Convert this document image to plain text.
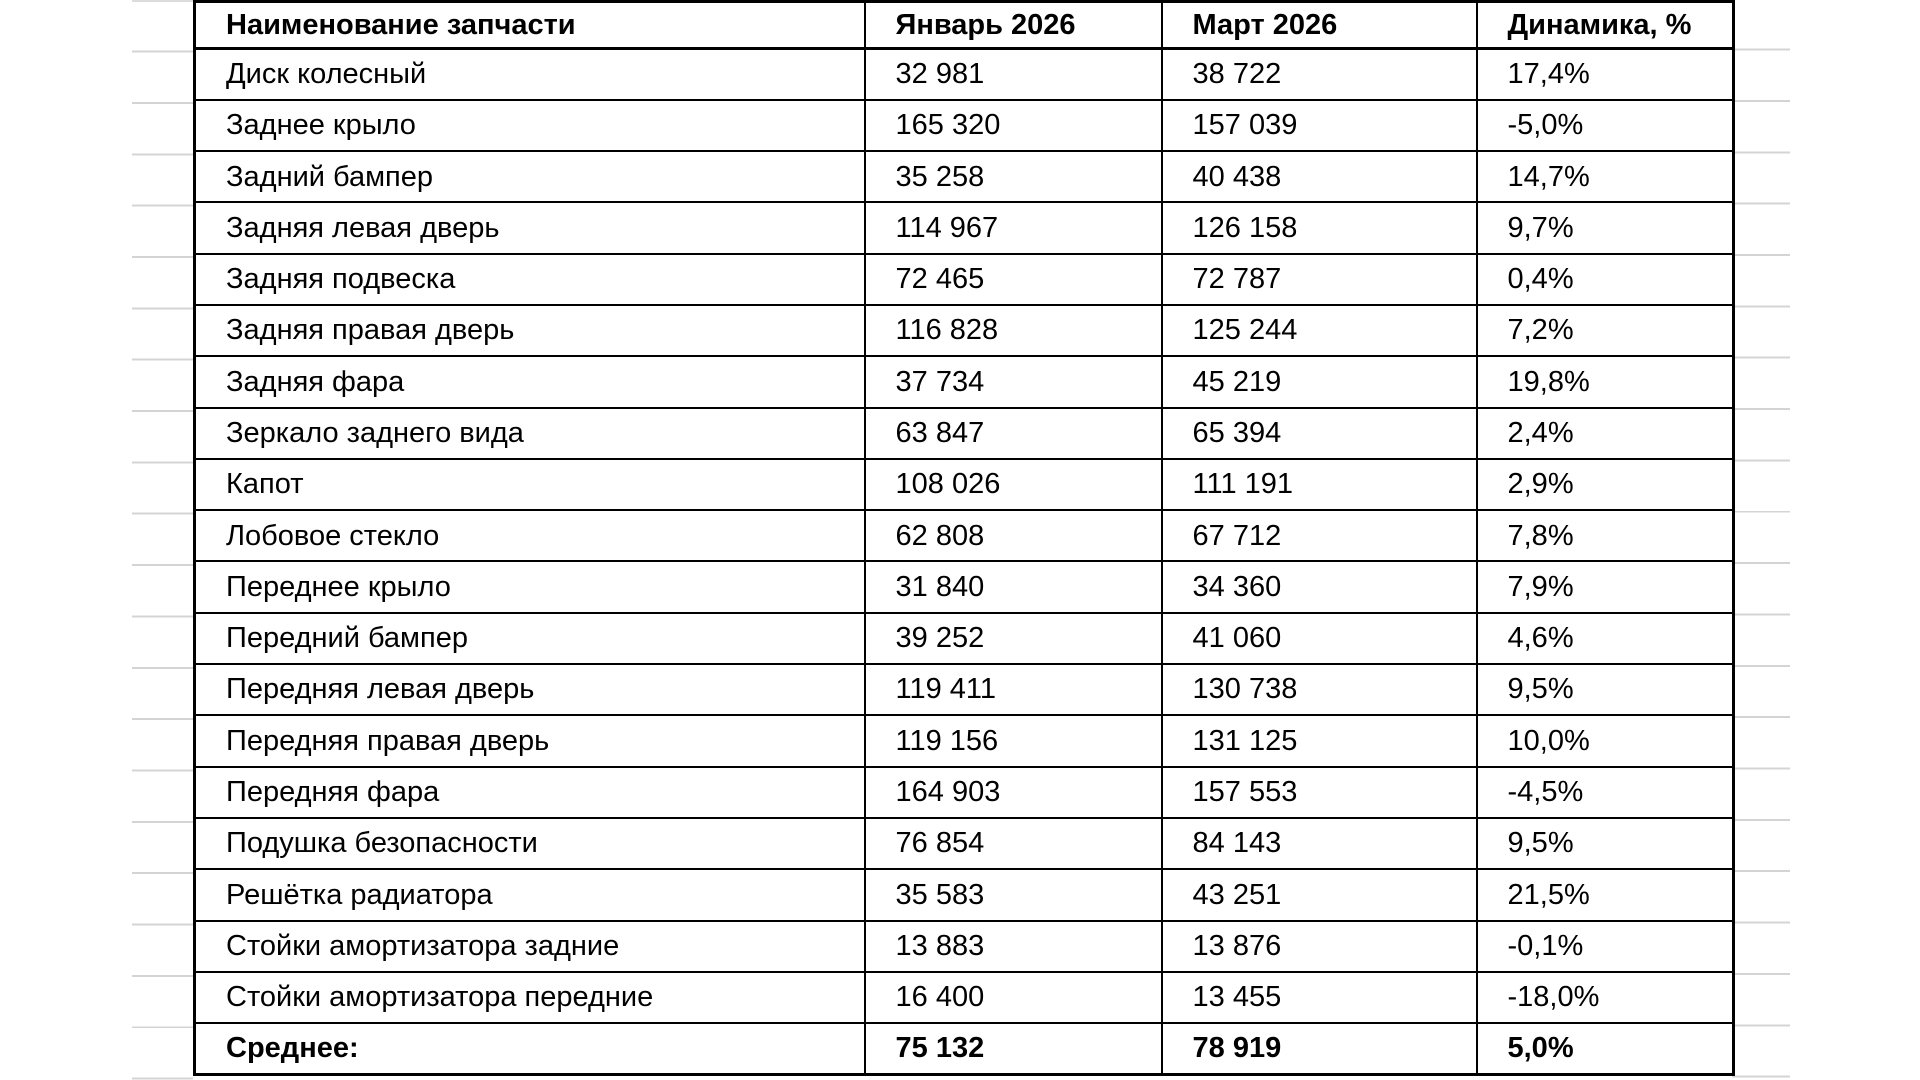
Наименование запчасти	Январь 2026	Март 2026	Динамика, %
Диск колесный	32 981	38 722	17,4%
Заднее крыло	165 320	157 039	-5,0%
Задний бампер	35 258	40 438	14,7%
Задняя левая дверь	114 967	126 158	9,7%
Задняя подвеска	72 465	72 787	0,4%
Задняя правая дверь	116 828	125 244	7,2%
Задняя фара	37 734	45 219	19,8%
Зеркало заднего вида	63 847	65 394	2,4%
Капот	108 026	111 191	2,9%
Лобовое стекло	62 808	67 712	7,8%
Переднее крыло	31 840	34 360	7,9%
Передний бампер	39 252	41 060	4,6%
Передняя левая дверь	119 411	130 738	9,5%
Передняя правая дверь	119 156	131 125	10,0%
Передняя фара	164 903	157 553	-4,5%
Подушка безопасности	76 854	84 143	9,5%
Решётка радиатора	35 583	43 251	21,5%
Стойки амортизатора задние	13 883	13 876	-0,1%
Стойки амортизатора передние	16 400	13 455	-18,0%
Среднее:	75 132	78 919	5,0%
